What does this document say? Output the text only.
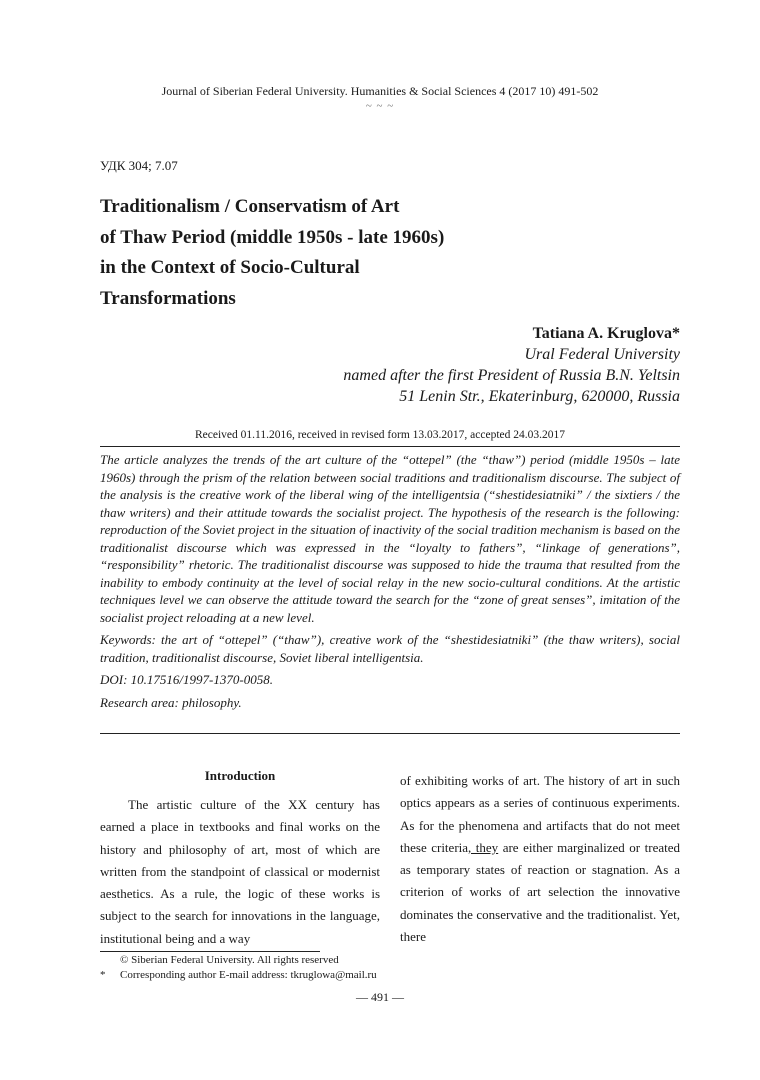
Journal of Siberian Federal University. Humanities & Social Sciences 4 (2017 10) 491-502
~ ~ ~
УДК 304; 7.07
Traditionalism / Conservatism of Art
of Thaw Period (middle 1950s - late 1960s)
in the Context of Socio-Cultural
Transformations
Tatiana A. Kruglova*
Ural Federal University
named after the first President of Russia B.N. Yeltsin
51 Lenin Str., Ekaterinburg, 620000, Russia
Received 01.11.2016, received in revised form 13.03.2017, accepted 24.03.2017

The article analyzes the trends of the art culture of the “ottepel” (the “thaw”) period (middle 1950s – late 1960s) through the prism of the relation between social traditions and traditionalism discourse. The subject of the analysis is the creative work of the liberal wing of the intelligentsia (“shestidesiatniki” / the sixtiers / the thaw writers) and their attitude towards the socialist project. The hypothesis of the research is the following: reproduction of the Soviet project in the situation of inactivity of the social tradition mechanism is based on the traditionalist discourse which was expressed in the “loyalty to fathers”, “linkage of generations”, “responsibility” rhetoric. The traditionalist discourse was supposed to hide the trauma that resulted from the inability to embody continuity at the level of social relay in the new socio-cultural conditions. At the artistic techniques level we can observe the attitude toward the search for the “zone of great senses”, imitation of the socialist project reloading at a new level.

Keywords: the art of “ottepel” (“thaw”), creative work of the “shestidesiatniki” (the thaw writers), social tradition, traditionalist discourse, Soviet liberal intelligentsia.

DOI: 10.17516/1997-1370-0058.

Research area: philosophy.

Introduction

The artistic culture of the XX century has earned a place in textbooks and final works on the history and philosophy of art, most of which are written from the standpoint of classical or modernist aesthetics. As a rule, the logic of these works is subject to the search for innovations in the language, institutional being and a way

of exhibiting works of art. The history of art in such optics appears as a series of continuous experiments. As for the phenomena and artifacts that do not meet these criteria, they are either marginalized or treated as temporary states of reaction or stagnation. As a criterion of works of art selection the innovative dominates the conservative and the traditionalist. Yet, there

© Siberian Federal University. All rights reserved
* Corresponding author E-mail address: tkruglowa@mail.ru
— 491 —
